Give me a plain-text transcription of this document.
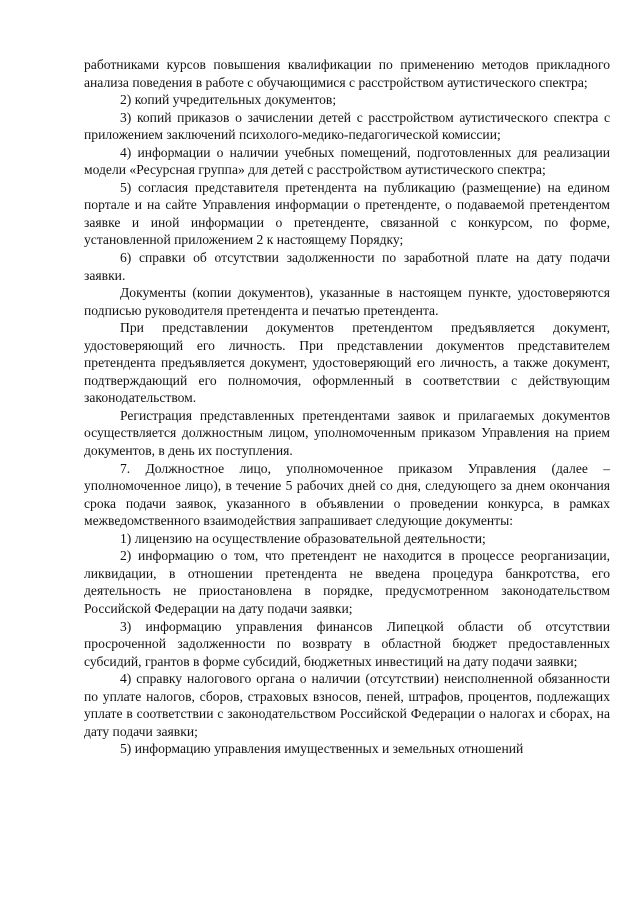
работниками курсов повышения квалификации по применению методов прикладного анализа поведения в работе с обучающимися с расстройством аутистического спектра;

2) копий учредительных документов;

3) копий приказов о зачислении детей с расстройством аутистического спектра с приложением заключений психолого-медико-педагогической комиссии;

4) информации о наличии учебных помещений, подготовленных для реализации модели «Ресурсная группа» для детей с расстройством аутистического спектра;

5) согласия представителя претендента на публикацию (размещение) на едином портале и на сайте Управления информации о претенденте, о подаваемой претендентом заявке и иной информации о претенденте, связанной с конкурсом, по форме, установленной приложением 2 к настоящему Порядку;

6) справки об отсутствии задолженности по заработной плате на дату подачи заявки.

Документы (копии документов), указанные в настоящем пункте, удостоверяются подписью руководителя претендента и печатью претендента.

При представлении документов претендентом предъявляется документ, удостоверяющий его личность. При представлении документов представителем претендента предъявляется документ, удостоверяющий его личность, а также документ, подтверждающий его полномочия, оформленный в соответствии с действующим законодательством.

Регистрация представленных претендентами заявок и прилагаемых документов осуществляется должностным лицом, уполномоченным приказом Управления на прием документов, в день их поступления.

7. Должностное лицо, уполномоченное приказом Управления (далее – уполномоченное лицо), в течение 5 рабочих дней со дня, следующего за днем окончания срока подачи заявок, указанного в объявлении о проведении конкурса, в рамках межведомственного взаимодействия запрашивает следующие документы:

1) лицензию на осуществление образовательной деятельности;

2) информацию о том, что претендент не находится в процессе реорганизации, ликвидации, в отношении претендента не введена процедура банкротства, его деятельность не приостановлена в порядке, предусмотренном законодательством Российской Федерации на дату подачи заявки;

3) информацию управления финансов Липецкой области об отсутствии просроченной задолженности по возврату в областной бюджет предоставленных субсидий, грантов в форме субсидий, бюджетных инвестиций на дату подачи заявки;

4) справку налогового органа о наличии (отсутствии) неисполненной обязанности по уплате налогов, сборов, страховых взносов, пеней, штрафов, процентов, подлежащих уплате в соответствии с законодательством Российской Федерации о налогах и сборах, на дату подачи заявки;

5) информацию управления имущественных и земельных отношений
